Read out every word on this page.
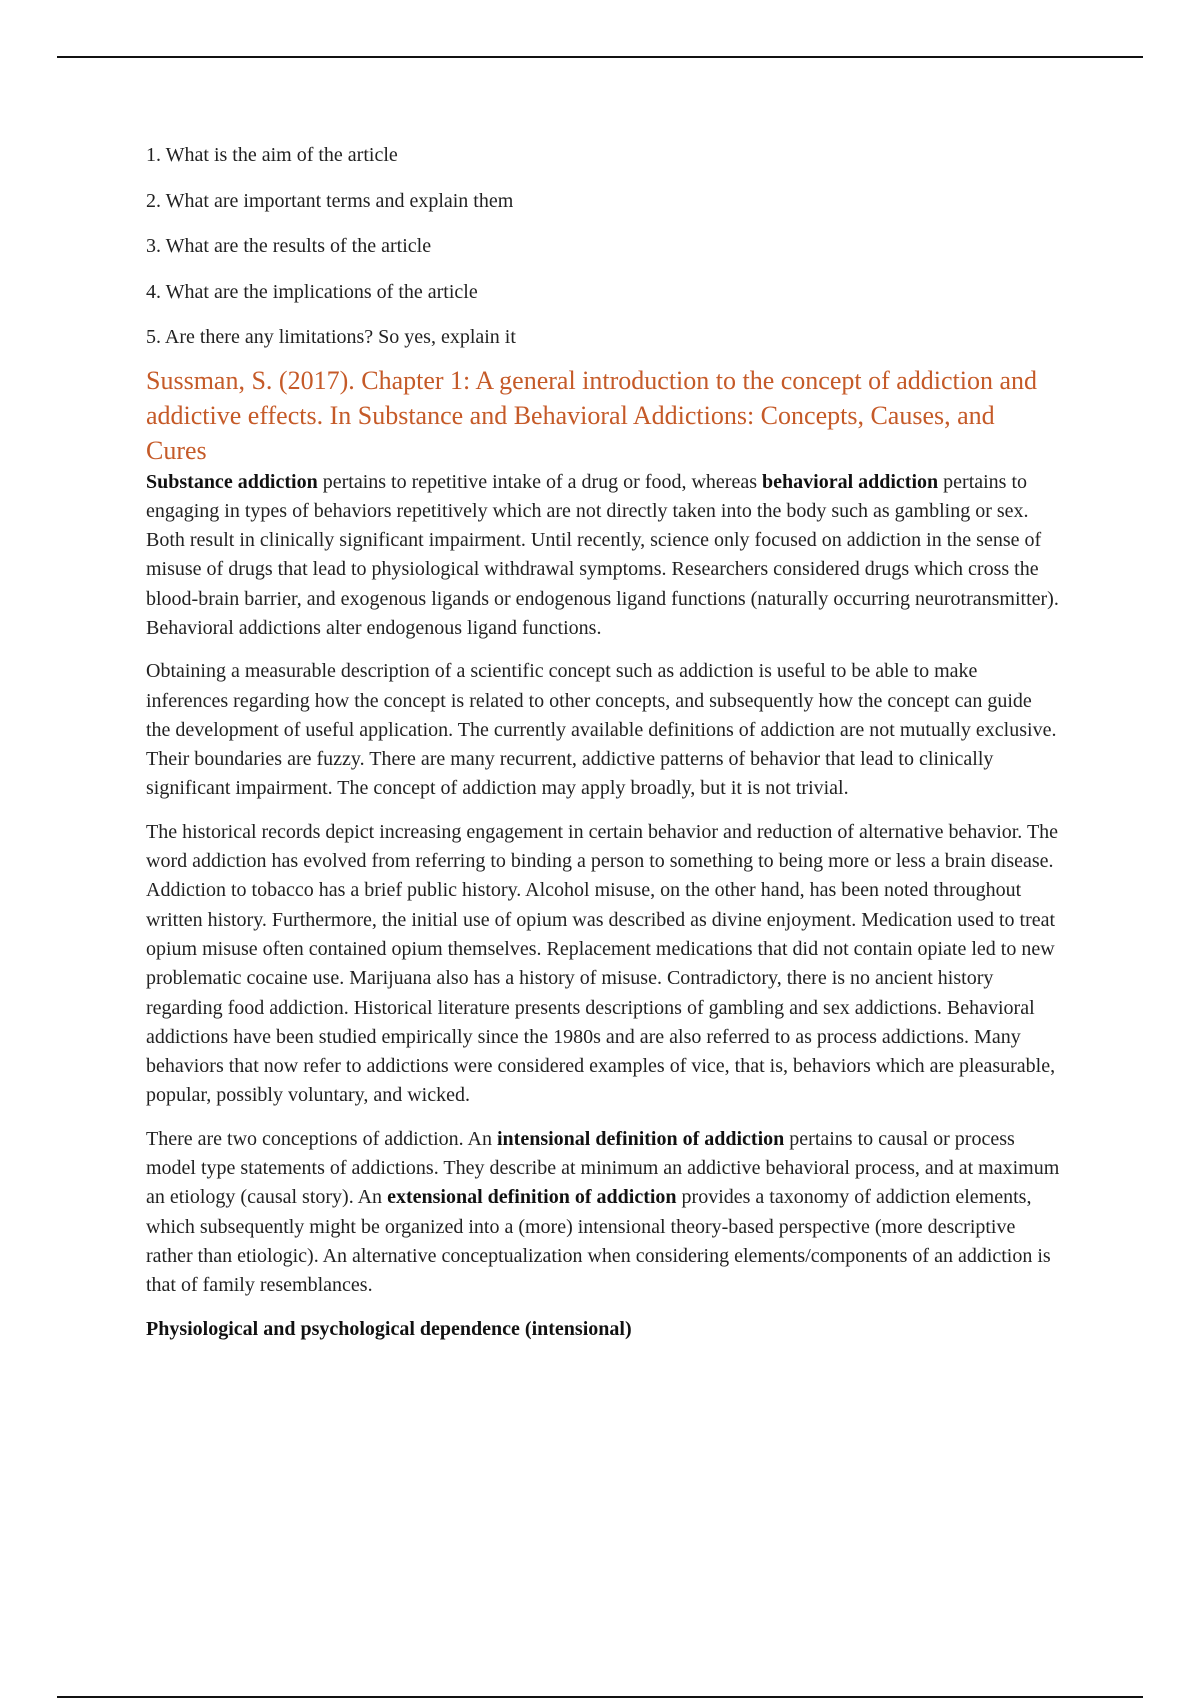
1. What is the aim of the article
2. What are important terms and explain them
3. What are the results of the article
4. What are the implications of the article
5. Are there any limitations? So yes, explain it
Sussman, S. (2017). Chapter 1: A general introduction to the concept of addiction and addictive effects. In Substance and Behavioral Addictions: Concepts, Causes, and Cures

Substance addiction pertains to repetitive intake of a drug or food, whereas behavioral addiction pertains to engaging in types of behaviors repetitively which are not directly taken into the body such as gambling or sex. Both result in clinically significant impairment. Until recently, science only focused on addiction in the sense of misuse of drugs that lead to physiological withdrawal symptoms. Researchers considered drugs which cross the blood-brain barrier, and exogenous ligands or endogenous ligand functions (naturally occurring neurotransmitter). Behavioral addictions alter endogenous ligand functions.

Obtaining a measurable description of a scientific concept such as addiction is useful to be able to make inferences regarding how the concept is related to other concepts, and subsequently how the concept can guide the development of useful application. The currently available definitions of addiction are not mutually exclusive. Their boundaries are fuzzy. There are many recurrent, addictive patterns of behavior that lead to clinically significant impairment. The concept of addiction may apply broadly, but it is not trivial.

The historical records depict increasing engagement in certain behavior and reduction of alternative behavior. The word addiction has evolved from referring to binding a person to something to being more or less a brain disease. Addiction to tobacco has a brief public history. Alcohol misuse, on the other hand, has been noted throughout written history. Furthermore, the initial use of opium was described as divine enjoyment. Medication used to treat opium misuse often contained opium themselves. Replacement medications that did not contain opiate led to new problematic cocaine use. Marijuana also has a history of misuse. Contradictory, there is no ancient history regarding food addiction. Historical literature presents descriptions of gambling and sex addictions. Behavioral addictions have been studied empirically since the 1980s and are also referred to as process addictions. Many behaviors that now refer to addictions were considered examples of vice, that is, behaviors which are pleasurable, popular, possibly voluntary, and wicked.

There are two conceptions of addiction. An intensional definition of addiction pertains to causal or process model type statements of addictions. They describe at minimum an addictive behavioral process, and at maximum an etiology (causal story). An extensional definition of addiction provides a taxonomy of addiction elements, which subsequently might be organized into a (more) intensional theory-based perspective (more descriptive rather than etiologic). An alternative conceptualization when considering elements/components of an addiction is that of family resemblances.

Physiological and psychological dependence (intensional)
